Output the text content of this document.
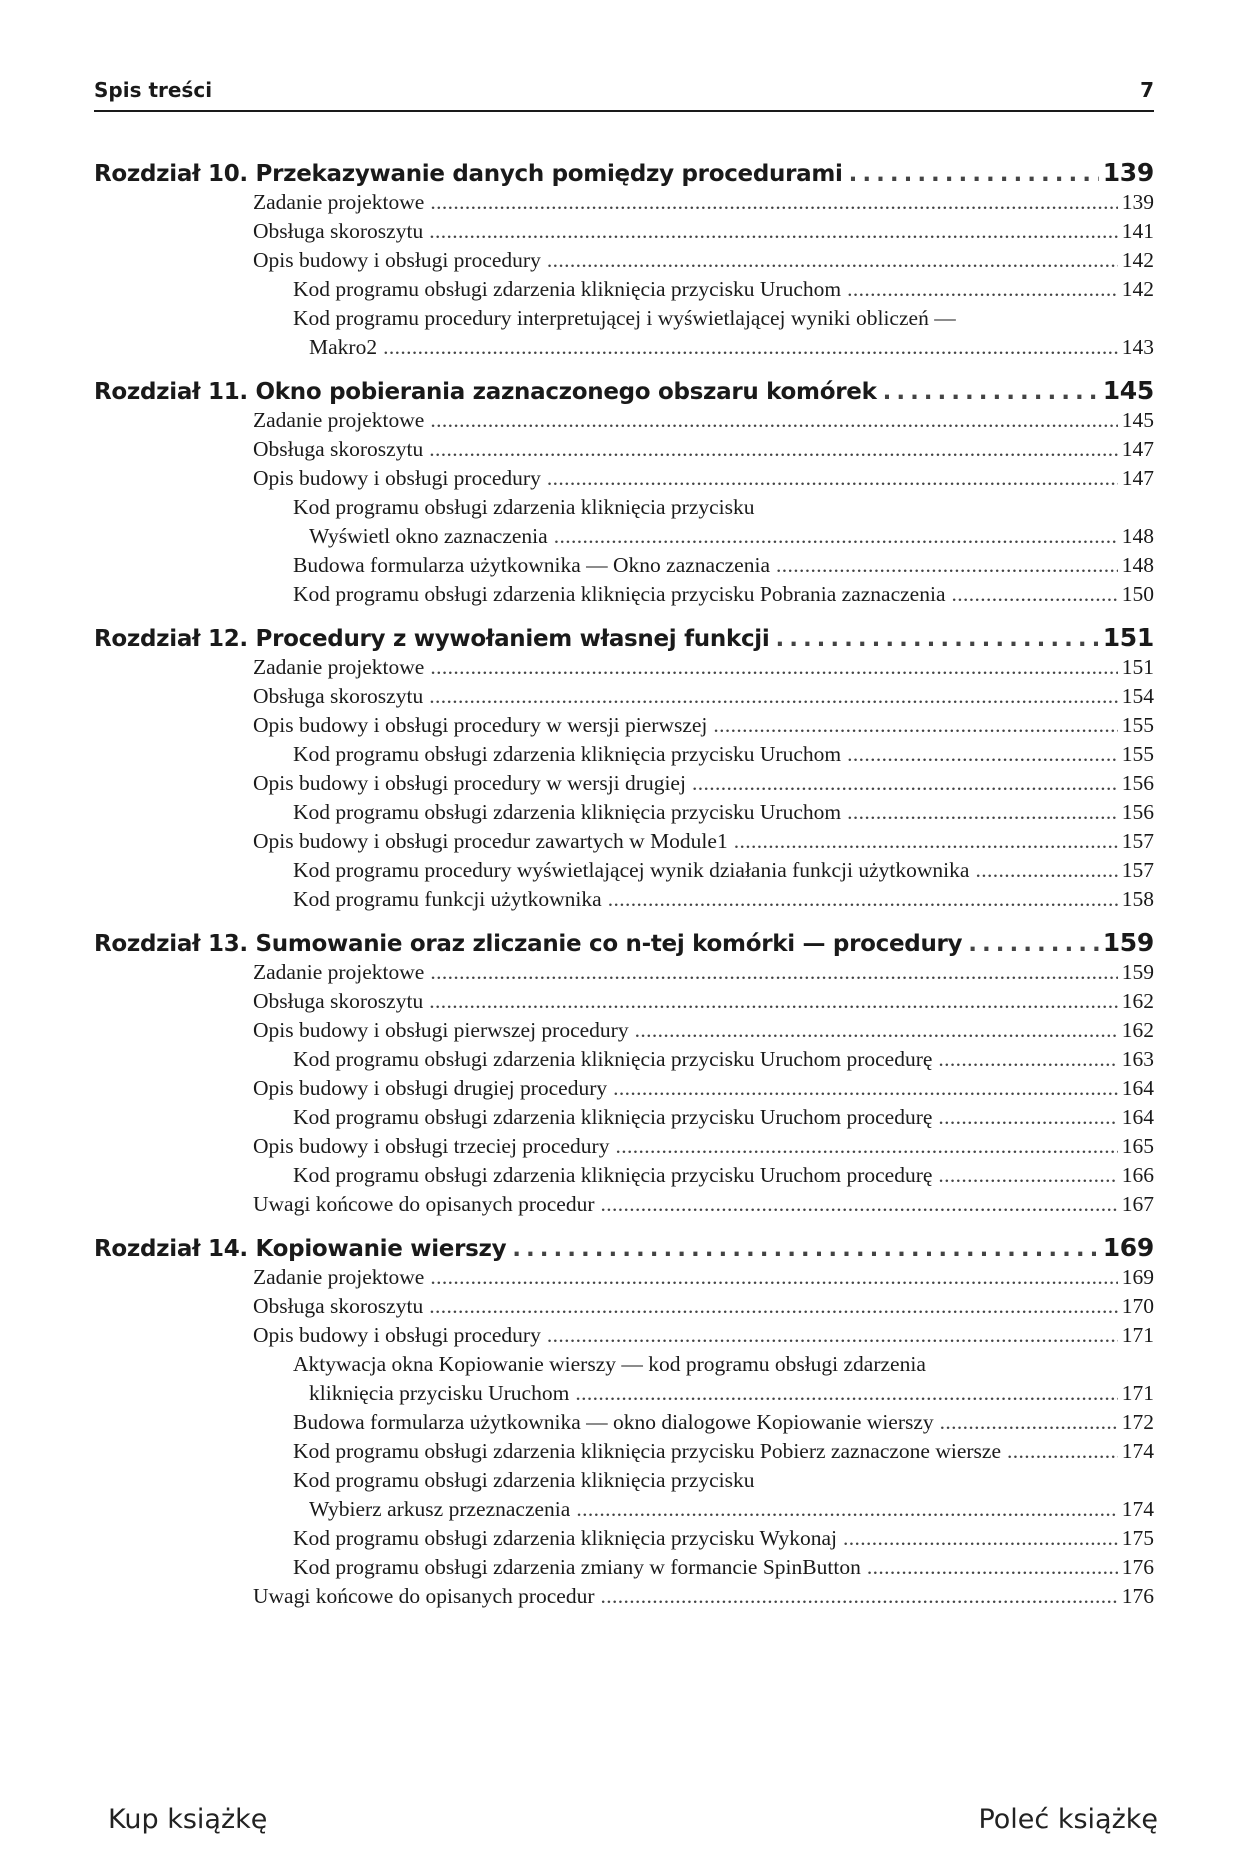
Spis treści	7
Rozdział 10. Przekazywanie danych pomiędzy procedurami . . .	139
Zadanie projektowe . . .	139
Obsługa skoroszytu . . .	141
Opis budowy i obsługi procedury . . .	142
Kod programu obsługi zdarzenia kliknięcia przycisku Uruchom . . .	142
Kod programu procedury interpretującej i wyświetlającej wyniki obliczeń —
Makro2 . . .	143
Rozdział 11. Okno pobierania zaznaczonego obszaru komórek . . .	145
Zadanie projektowe . . .	145
Obsługa skoroszytu . . .	147
Opis budowy i obsługi procedury . . .	147
Kod programu obsługi zdarzenia kliknięcia przycisku
Wyświetl okno zaznaczenia . . .	148
Budowa formularza użytkownika — Okno zaznaczenia . . .	148
Kod programu obsługi zdarzenia kliknięcia przycisku Pobrania zaznaczenia . . .	150
Rozdział 12. Procedury z wywołaniem własnej funkcji . . .	151
Zadanie projektowe . . .	151
Obsługa skoroszytu . . .	154
Opis budowy i obsługi procedury w wersji pierwszej . . .	155
Kod programu obsługi zdarzenia kliknięcia przycisku Uruchom . . .	155
Opis budowy i obsługi procedury w wersji drugiej . . .	156
Kod programu obsługi zdarzenia kliknięcia przycisku Uruchom . . .	156
Opis budowy i obsługi procedur zawartych w Module1 . . .	157
Kod programu procedury wyświetlającej wynik działania funkcji użytkownika . . .	157
Kod programu funkcji użytkownika . . .	158
Rozdział 13. Sumowanie oraz zliczanie co n-tej komórki — procedury . . .	159
Zadanie projektowe . . .	159
Obsługa skoroszytu . . .	162
Opis budowy i obsługi pierwszej procedury . . .	162
Kod programu obsługi zdarzenia kliknięcia przycisku Uruchom procedurę . . .	163
Opis budowy i obsługi drugiej procedury . . .	164
Kod programu obsługi zdarzenia kliknięcia przycisku Uruchom procedurę . . .	164
Opis budowy i obsługi trzeciej procedury . . .	165
Kod programu obsługi zdarzenia kliknięcia przycisku Uruchom procedurę . . .	166
Uwagi końcowe do opisanych procedur . . .	167
Rozdział 14. Kopiowanie wierszy . . .	169
Zadanie projektowe . . .	169
Obsługa skoroszytu . . .	170
Opis budowy i obsługi procedury . . .	171
Aktywacja okna Kopiowanie wierszy — kod programu obsługi zdarzenia
kliknięcia przycisku Uruchom . . .	171
Budowa formularza użytkownika — okno dialogowe Kopiowanie wierszy . . .	172
Kod programu obsługi zdarzenia kliknięcia przycisku Pobierz zaznaczone wiersze . . .	174
Kod programu obsługi zdarzenia kliknięcia przycisku
Wybierz arkusz przeznaczenia . . .	174
Kod programu obsługi zdarzenia kliknięcia przycisku Wykonaj . . .	175
Kod programu obsługi zdarzenia zmiany w formancie SpinButton . . .	176
Uwagi końcowe do opisanych procedur . . .	176
Kup książkę	Poleć książkę
